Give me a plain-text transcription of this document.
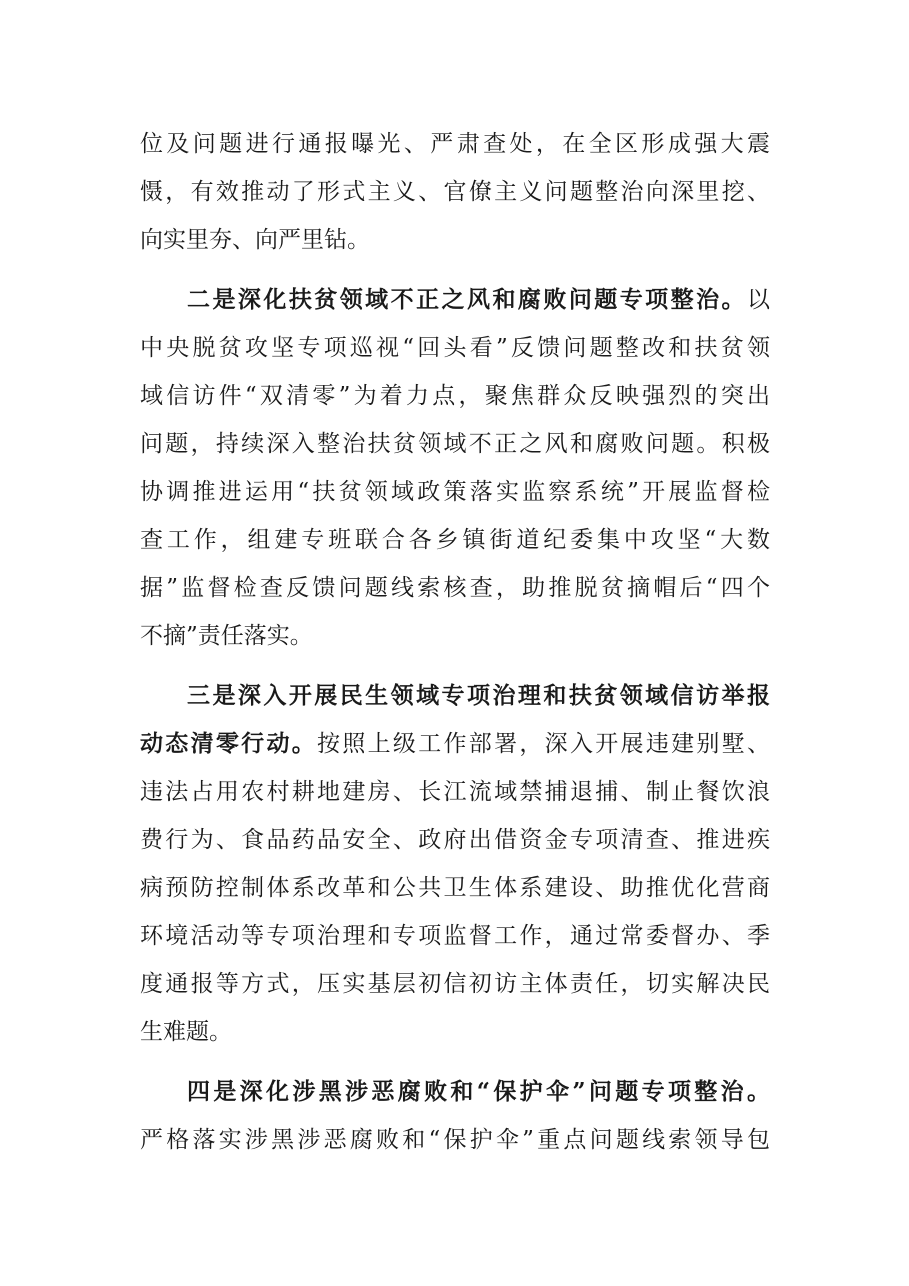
位及问题进行通报曝光、严肃查处，在全区形成强大震
慑，有效推动了形式主义、官僚主义问题整治向深里挖、
向实里夯、向严里钻。
二是深化扶贫领域不正之风和腐败问题专项整治。以
中央脱贫攻坚专项巡视“回头看”反馈问题整改和扶贫领
域信访件“双清零”为着力点，聚焦群众反映强烈的突出
问题，持续深入整治扶贫领域不正之风和腐败问题。积极
协调推进运用“扶贫领域政策落实监察系统”开展监督检
查工作，组建专班联合各乡镇街道纪委集中攻坚“大数
据”监督检查反馈问题线索核查，助推脱贫摘帽后“四个
不摘”责任落实。
三是深入开展民生领域专项治理和扶贫领域信访举报
动态清零行动。按照上级工作部署，深入开展违建别墅、
违法占用农村耕地建房、长江流域禁捕退捕、制止餐饮浪
费行为、食品药品安全、政府出借资金专项清查、推进疾
病预防控制体系改革和公共卫生体系建设、助推优化营商
环境活动等专项治理和专项监督工作，通过常委督办、季
度通报等方式，压实基层初信初访主体责任，切实解决民
生难题。
四是深化涉黑涉恶腐败和“保护伞”问题专项整治。
严格落实涉黑涉恶腐败和“保护伞”重点问题线索领导包
